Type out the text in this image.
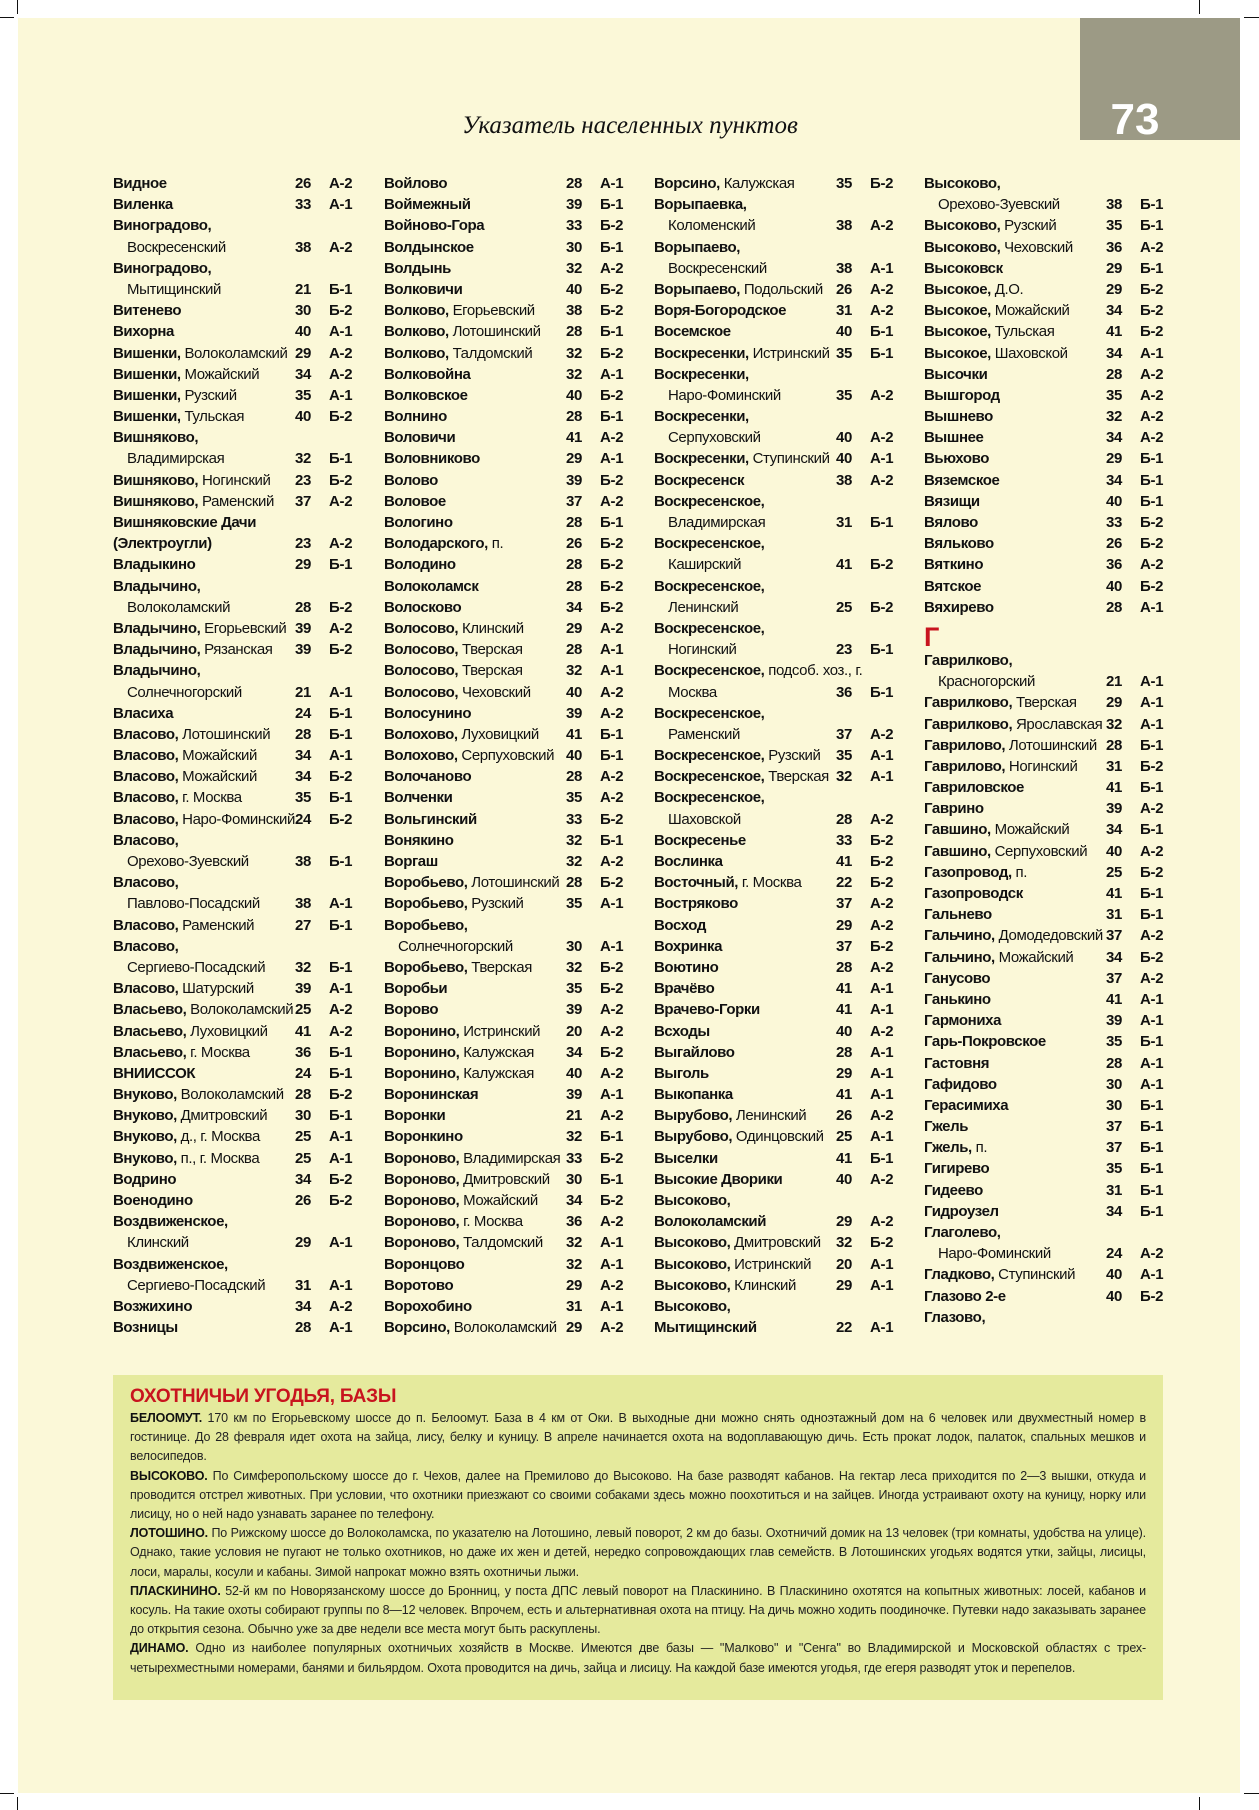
73
Указатель населенных пунктов
Видное	26	А-2
Виленка	33	А-1
Виноградово,
Воскресенский	38	А-2
Виноградово,
Мытищинский	21	Б-1
Витенево	30	Б-2
Вихорна	40	А-1
Вишенки, Волоколамский 29	А-2
Вишенки, Можайский	34	А-2
Вишенки, Рузский	35	А-1
Вишенки, Тульская	40	Б-2
Вишняково,
Владимирская	32	Б-1
Вишняково, Ногинский	23	Б-2
Вишняково, Раменский	37	А-2
Вишняковские Дачи
(Электроугли)	23	А-2
Владыкино	29	Б-1
Владычино,
Волоколамский	28	Б-2
Владычино, Егорьевский 39	А-2
Владычино, Рязанская	39	Б-2
Владычино,
Солнечногорский	21	А-1
Власиха	24	Б-1
Власово, Лотошинский	28	Б-1
Власово, Можайский	34	А-1
Власово, Можайский	34	Б-2
Власово, г. Москва	35	Б-1
Власово, Наро-Фоминский 24	Б-2
Власово,
Орехово-Зуевский	38	Б-1
Власово,
Павлово-Посадский	38	А-1
Власово, Раменский	27	Б-1
Власово,
Сергиево-Посадский	32	Б-1
Власово, Шатурский	39	А-1
Власьево, Волоколамский 25	А-2
Власьево, Луховицкий	41	А-2
Власьево, г. Москва	36	Б-1
ВНИИССОК	24	Б-1
Внуково, Волоколамский 28	Б-2
Внуково, Дмитровский	30	Б-1
Внуково, д., г. Москва	25	А-1
Внуково, п., г. Москва	25	А-1
Водрино	34	Б-2
Военодино	26	Б-2
Воздвиженское,
Клинский	29	А-1
Воздвиженское,
Сергиево-Посадский	31	А-1
Возжихино	34	А-2
Возницы	28	А-1
Войлово	28	А-1
Воймежный	39	Б-1
Войново-Гора	33	Б-2
Волдынское	30	Б-1
Волдынь	32	А-2
Волковичи	40	Б-2
Волково, Егорьевский	38	Б-2
Волково, Лотошинский	28	Б-1
Волково, Талдомский	32	Б-2
Волковойна	32	А-1
Волковское	40	Б-2
Волнино	28	Б-1
Воловичи	41	А-2
Воловниково	29	А-1
Волово	39	Б-2
Воловое	37	А-2
Вологино	28	Б-1
Володарского, п.	26	Б-2
Володино	28	Б-2
Волоколамск	28	Б-2
Волосково	34	Б-2
Волосово, Клинский	29	А-2
Волосово, Тверская	28	А-1
Волосово, Тверская	32	А-1
Волосово, Чеховский	40	А-2
Волосунино	39	А-2
Волохово, Луховицкий	41	Б-1
Волохово, Серпуховский 40	Б-1
Волочаново	28	А-2
Волченки	35	А-2
Вольгинский	33	Б-2
Вонякино	32	Б-1
Воргаш	32	А-2
Воробьево, Лотошинский 28	Б-2
Воробьево, Рузский	35	А-1
Воробьево,
Солнечногорский	30	А-1
Воробьево, Тверская	32	Б-2
Воробьи	35	Б-2
Ворово	39	А-2
Воронино, Истринский	20	А-2
Воронино, Калужская	34	Б-2
Воронино, Калужская	40	А-2
Воронинская	39	А-1
Воронки	21	А-2
Воронкино	32	Б-1
Вороново, Владимирская 33	Б-2
Вороново, Дмитровский	30	Б-1
Вороново, Можайский	34	Б-2
Вороново, г. Москва	36	А-2
Вороново, Талдомский	32	А-1
Воронцово	32	А-1
Воротово	29	А-2
Ворохобино	31	А-1
Ворсино, Волоколамский 29	А-2
Ворсино, Калужская	35	Б-2
Ворыпаевка,
Коломенский	38	А-2
Ворыпаево,
Воскресенский	38	А-1
Ворыпаево, Подольский 26	А-2
Воря-Богородское	31	А-2
Восемское	40	Б-1
Воскресенки, Истринский 35	Б-1
Воскресенки,
Наро-Фоминский	35	А-2
Воскресенки,
Серпуховский	40	А-2
Воскресенки, Ступинский 40	А-1
Воскресенск	38	А-2
Воскресенское,
Владимирская	31	Б-1
Воскресенское,
Каширский	41	Б-2
Воскресенское,
Ленинский	25	Б-2
Воскресенское,
Ногинский	23	Б-1
Воскресенское, подсоб. хоз., г.
Москва	36	Б-1
Воскресенское,
Раменский	37	А-2
Воскресенское, Рузский	35	А-1
Воскресенское, Тверская 32	А-1
Воскресенское,
Шаховской	28	А-2
Воскресенье	33	Б-2
Вослинка	41	Б-2
Восточный, г. Москва	22	Б-2
Востряково	37	А-2
Восход	29	А-2
Вохринка	37	Б-2
Воютино	28	А-2
Врачёво	41	А-1
Врачево-Горки	41	А-1
Всходы	40	А-2
Выгайлово	28	А-1
Выголь	29	А-1
Выкопанка	41	А-1
Вырубово, Ленинский	26	А-2
Вырубово, Одинцовский 25	А-1
Выселки	41	Б-1
Высокие Дворики	40	А-2
Высоково,
Волоколамский	29	А-2
Высоково, Дмитровский	32	Б-2
Высоково, Истринский	20	А-1
Высоково, Клинский	29	А-1
Высоково,
Мытищинский	22	А-1
Высоково,
Орехово-Зуевский	38	Б-1
Высоково, Рузский	35	Б-1
Высоково, Чеховский	36	А-2
Высоковск	29	Б-1
Высокое, Д.О.	29	Б-2
Высокое, Можайский	34	Б-2
Высокое, Тульская	41	Б-2
Высокое, Шаховской	34	А-1
Высочки	28	А-2
Вышгород	35	А-2
Вышнево	32	А-2
Вышнее	34	А-2
Вьюхово	29	Б-1
Вяземское	34	Б-1
Вязищи	40	Б-1
Вялово	33	Б-2
Вяльково	26	Б-2
Вяткино	36	А-2
Вятское	40	Б-2
Вяхирево	28	А-1
Г
Гаврилково,
Красногорский	21	А-1
Гаврилково, Тверская	29	А-1
Гаврилково, Ярославская 32	А-1
Гаврилово, Лотошинский 28	Б-1
Гаврилово, Ногинский	31	Б-2
Гавриловское	41	Б-1
Гаврино	39	А-2
Гавшино, Можайский	34	Б-1
Гавшино, Серпуховский	40	А-2
Газопровод, п.	25	Б-2
Газопроводск	41	Б-1
Гальнево	31	Б-1
Гальчино, Домодедовский 37	А-2
Гальчино, Можайский	34	Б-2
Ганусово	37	А-2
Ганькино	41	А-1
Гармониха	39	А-1
Гарь-Покровское	35	Б-1
Гастовня	28	А-1
Гафидово	30	А-1
Герасимиха	30	Б-1
Гжель	37	Б-1
Гжель, п.	37	Б-1
Гигирево	35	Б-1
Гидеево	31	Б-1
Гидроузел	34	Б-1
Глаголево,
Наро-Фоминский	24	А-2
Гладково, Ступинский	40	А-1
Глазово 2-е	40	Б-2
Глазово,
ОХОТНИЧЬИ УГОДЬЯ, БАЗЫ

БЕЛООМУТ. 170 км по Егорьевскому шоссе до п. Белоомут. База в 4 км от Оки. В выходные дни можно снять одноэтажный дом на 6 человек или двухместный номер в гостинице. До 28 февраля идет охота на зайца, лису, белку и куницу. В апреле начинается охота на водоплавающую дичь. Есть прокат лодок, палаток, спальных мешков и велосипедов.

ВЫСОКОВО. По Симферопольскому шоссе до г. Чехов, далее на Премилово до Высоково. На базе разводят кабанов. На гектар леса приходится по 2—3 вышки, откуда и проводится отстрел животных. При условии, что охотники приезжают со своими собаками здесь можно поохотиться и на зайцев. Иногда устраивают охоту на куницу, норку или лисицу, но о ней надо узнавать заранее по телефону.

ЛОТОШИНО. По Рижскому шоссе до Волоколамска, по указателю на Лотошино, левый поворот, 2 км до базы. Охотничий домик на 13 человек (три комнаты, удобства на улице). Однако, такие условия не пугают не только охотников, но даже их жен и детей, нередко сопровождающих глав семейств. В Лотошинских угодьях водятся утки, зайцы, лисицы, лоси, маралы, косули и кабаны. Зимой напрокат можно взять охотничьи лыжи.

ПЛАСКИНИНО. 52-й км по Новорязанскому шоссе до Бронниц, у поста ДПС левый поворот на Пласкинино. В Пласкинино охотятся на копытных животных: лосей, кабанов и косуль. На такие охоты собирают группы по 8—12 человек. Впрочем, есть и альтернативная охота на птицу. На дичь можно ходить поодиночке. Путевки надо заказывать заранее до открытия сезона. Обычно уже за две недели все места могут быть раскуплены.

ДИНАМО. Одно из наиболее популярных охотничьих хозяйств в Москве. Имеются две базы — "Малково" и "Сенга" во Владимирской и Московской областях с трех-четырехместными номерами, банями и бильярдом. Охота проводится на дичь, зайца и лисицу. На каждой базе имеются угодья, где егеря разводят уток и перепелов.
